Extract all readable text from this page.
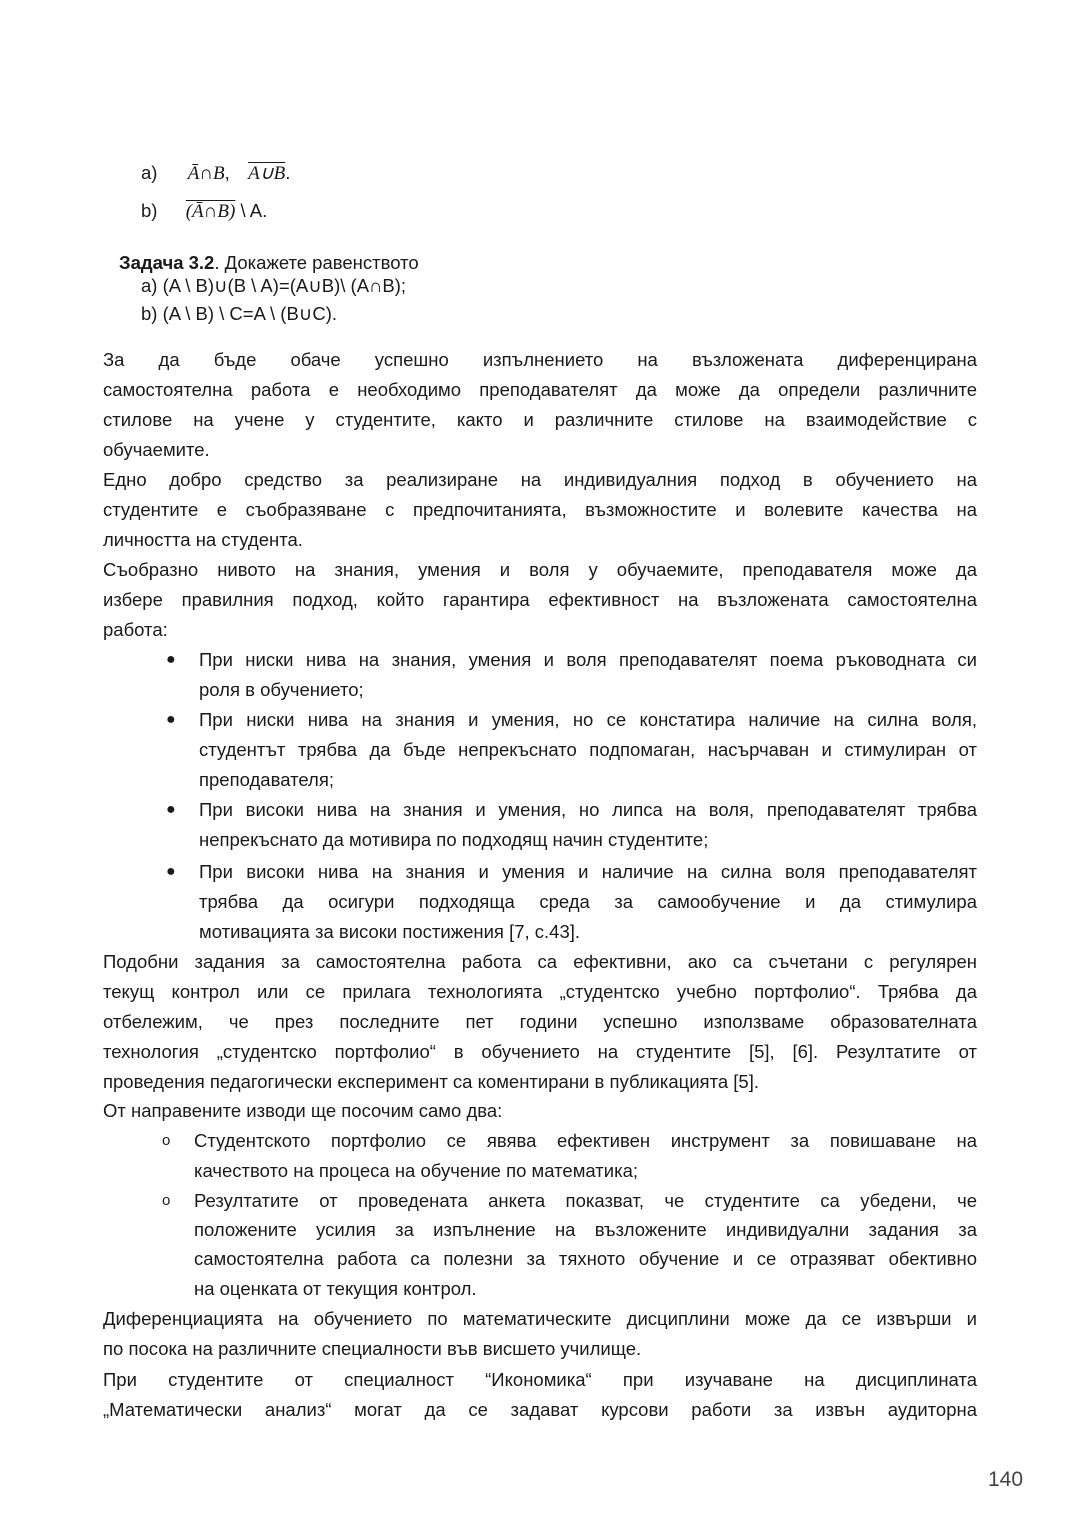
a) Ā∩B, A∪B.
b) (Ā∩B) \ A.
Задача 3.2. Докажете равенството
a) (A \ B)∪(B \ A)=(A∪B)\ (A∩B);
b) (A \ B) \ C=A \ (B∪C).
За да бъде обаче успешно изпълнението на възложената диференцирана
самостоятелна работа е необходимо преподавателят да може да определи различните
стилове на учене у студентите, както и различните стилове на взаимодействие с
обучаемите.
Едно добро средство за реализиране на индивидуалния подход в обучението на
студентите е съобразяване с предпочитанията, възможностите и волевите качества на
личността на студента.
Съобразно нивото на знания, умения и воля у обучаемите, преподавателя може да
избере правилния подход, който гарантира ефективност на възложената самостоятелна
работа:
● При ниски нива на знания, умения и воля преподавателят поема ръководната си
роля в обучението;
● При ниски нива на знания и умения, но се констатира наличие на силна воля,
студентът трябва да бъде непрекъснато подпомаган, насърчаван и стимулиран от
преподавателя;
● При високи нива на знания и умения, но липса на воля, преподавателят трябва
непрекъснато да мотивира по подходящ начин студентите;
● При високи нива на знания и умения и наличие на силна воля преподавателят
трябва да осигури подходяща среда за самообучение и да стимулира
мотивацията за високи постижения [7, с.43].
Подобни задания за самостоятелна работа са ефективни, ако са съчетани с регулярен
текущ контрол или се прилага технологията „студентско учебно портфолио“. Трябва да
отбележим, че през последните пет години успешно използваме образователната
технология „студентско портфолио“ в обучението на студентите [5], [6]. Резултатите от
проведения педагогически експеримент са коментирани в публикацията [5].
От направените изводи ще посочим само два:
o Студентското портфолио се явява ефективен инструмент за повишаване на
качеството на процеса на обучение по математика;
o Резултатите от проведената анкета показват, че студентите са убедени, че
положените усилия за изпълнение на възложените индивидуални задания за
самостоятелна работа са полезни за тяхното обучение и се отразяват обективно
на оценката от текущия контрол.
Диференциацията на обучението по математическите дисциплини може да се извърши и
по посока на различните специалности във висшето училище.
При студентите от специалност “Икономика“ при изучаване на дисциплината
„Математически анализ“ могат да се задават курсови работи за извън аудиторна
140
